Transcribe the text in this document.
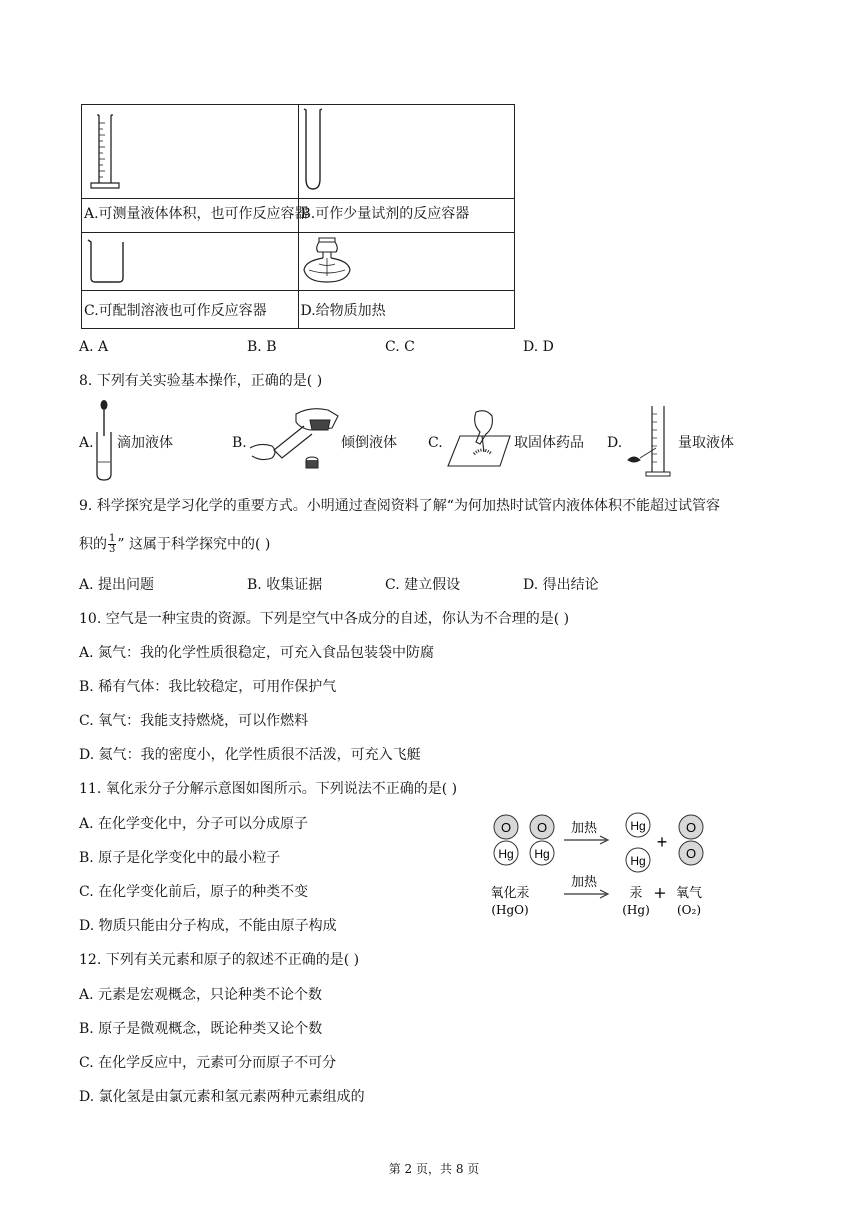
A.可测量液体体积，也可作反应容器	B.可作少量试剂的反应容器

C.可配制溶液也可作反应容器	D.给物质加热
A. A	B. B	C. C	D. D
8. 下列有关实验基本操作，正确的是( )
A. 滴加液体	B.	倾倒液体 C.	取固体药品 D.	量取液体
9. 科学探究是学习化学的重要方式。小明通过查阅资料了解“为何加热时试管内液体体积不能超过试管容
积的 $\frac{1}{3}$ ” 这属于科学探究中的( )
A. 提出问题	B. 收集证据	C. 建立假设	D. 得出结论
10. 空气是一种宝贵的资源。下列是空气中各成分的自述，你认为不合理的是( )
A. 氮气：我的化学性质很稳定，可充入食品包装袋中防腐
B. 稀有气体：我比较稳定，可用作保护气
C. 氧气：我能支持燃烧，可以作燃料
D. 氦气：我的密度小，化学性质很不活泼，可充入飞艇
11. 氧化汞分子分解示意图如图所示。下列说法不正确的是( )
A. 在化学变化中，分子可以分成原子
B. 原子是化学变化中的最小粒子
C. 在化学变化前后，原子的种类不变
D. 物质只能由分子构成，不能由原子构成
O
Hg
O
Hg
加热	Hg
Hg
+
O
O
氧化汞
(HgO)
加热
汞
(Hg)
+ 氧气
(O₂)
12. 下列有关元素和原子的叙述不正确的是( )
A. 元素是宏观概念，只论种类不论个数
B. 原子是微观概念，既论种类又论个数
C. 在化学反应中，元素可分而原子不可分
D. 氯化氢是由氯元素和氢元素两种元素组成的
第 2 页，共 8 页
